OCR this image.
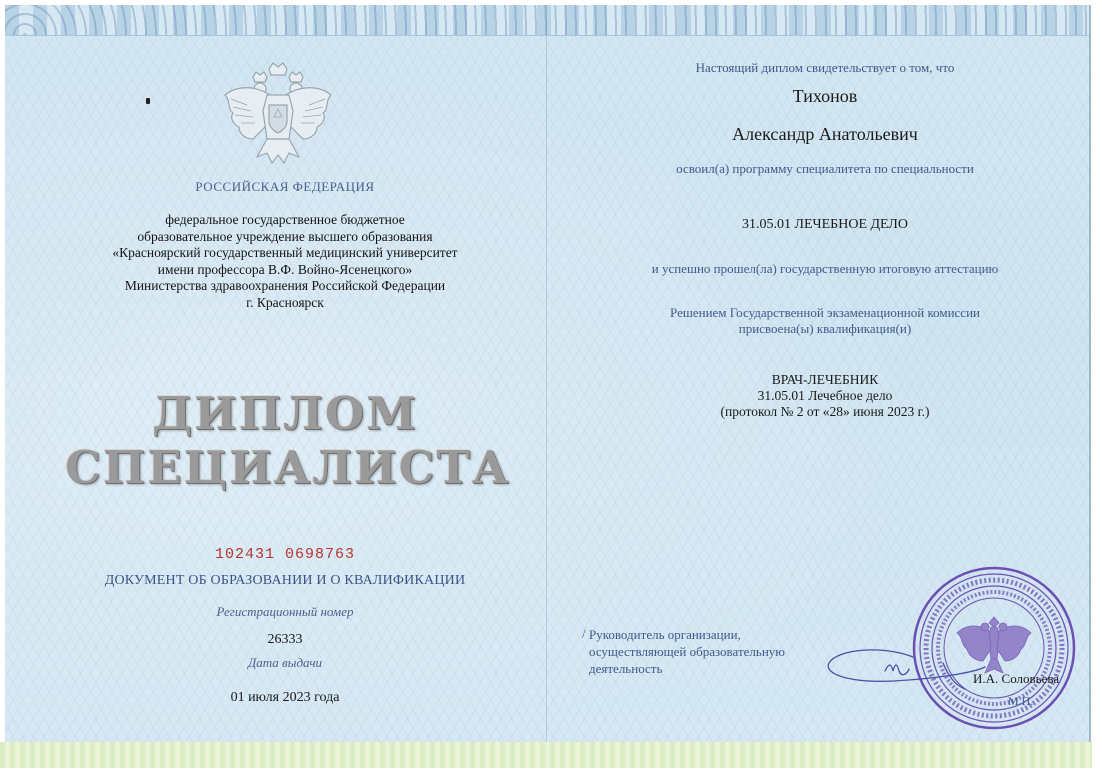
РОССИЙСКАЯ ФЕДЕРАЦИЯ
федеральное государственное бюджетное
образовательное учреждение высшего образования
«Красноярский государственный медицинский университет
имени профессора В.Ф. Войно-Ясенецкого»
Министерства здравоохранения Российской Федерации
г. Красноярск
ДИПЛОМ
СПЕЦИАЛИСТА
102431 0698763
ДОКУМЕНТ ОБ ОБРАЗОВАНИИ И О КВАЛИФИКАЦИИ
Регистрационный номер
26333
Дата выдачи
01 июля 2023 года
Настоящий диплом свидетельствует о том, что
Тихонов
Александр Анатольевич
освоил(а) программу специалитета по специальности
31.05.01 ЛЕЧЕБНОЕ ДЕЛО
и успешно прошел(ла) государственную итоговую аттестацию
Решением Государственной экзаменационной комиссии
присвоена(ы) квалификация(и)
ВРАЧ-ЛЕЧЕБНИК
31.05.01 Лечебное дело
(протокол № 2 от «28» июня 2023 г.)
/ Руководитель организации,
осуществляющей образовательную
деятельность
И.А. Соловьева
М.П.
